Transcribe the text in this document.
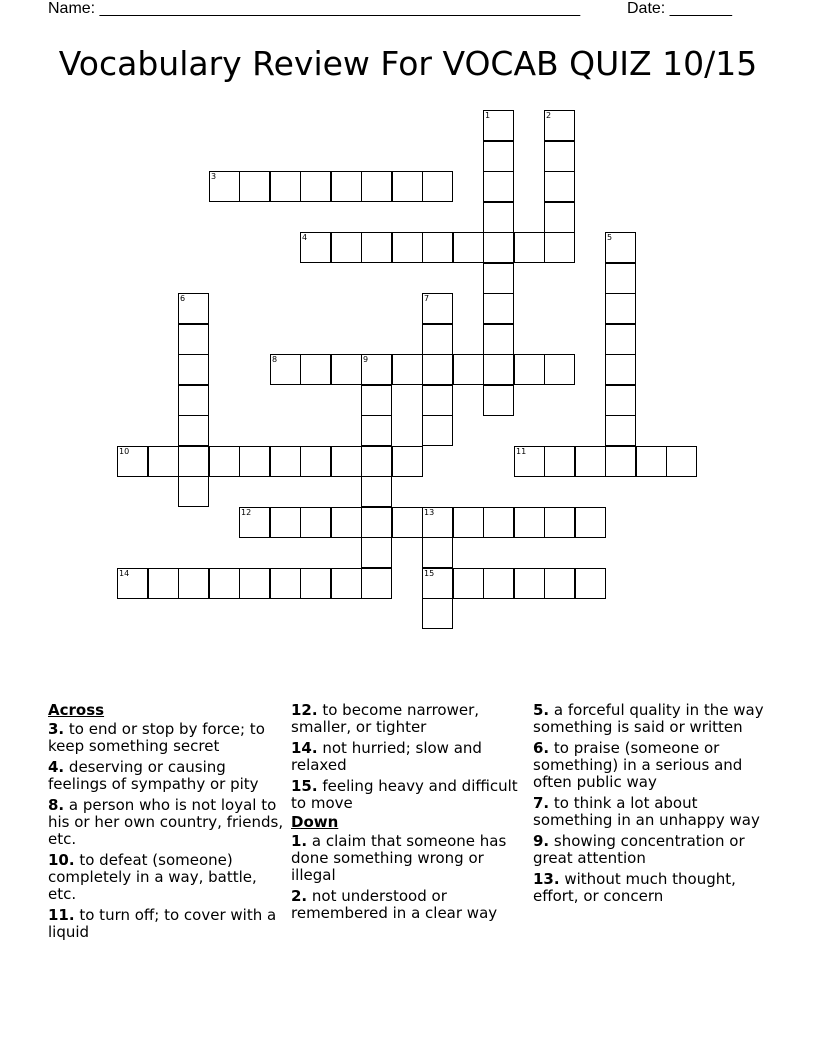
Name: ______________________________________________________	Date: _______
Vocabulary Review For VOCAB QUIZ 10/15
3
4
8	9
10	11
12	13
14	15
1	2
5
6	7
Across

3. to end or stop by force; to keep something secret

4. deserving or causing feelings of sympathy or pity

8. a person who is not loyal to his or her own country, friends, etc.

10. to defeat (someone) completely in a way, battle, etc.

11. to turn off; to cover with a liquid

12. to become narrower, smaller, or tighter

14. not hurried; slow and relaxed

15. feeling heavy and difficult to move

Down

1. a claim that someone has done something wrong or illegal

2. not understood or remembered in a clear way

5. a forceful quality in the way something is said or written

6. to praise (someone or something) in a serious and often public way

7. to think a lot about something in an unhappy way

9. showing concentration or great attention

13. without much thought, effort, or concern
